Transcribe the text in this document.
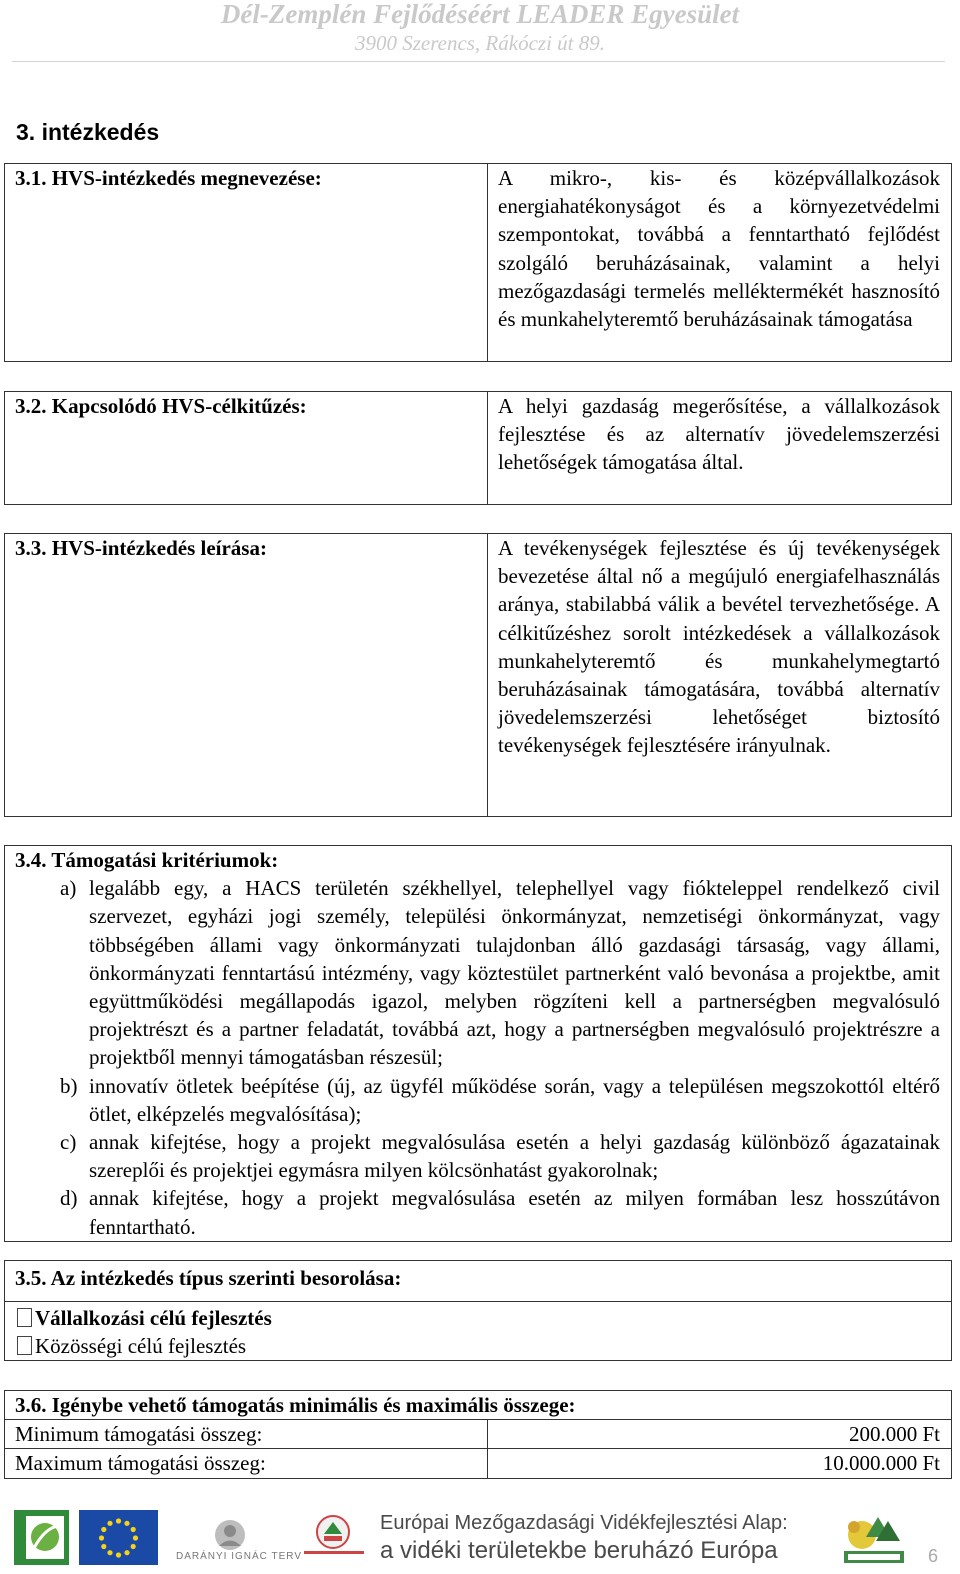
Dél-Zemplén Fejlődéséért LEADER Egyesület
3900 Szerencs, Rákóczi út 89.
3. intézkedés
3.1. HVS-intézkedés megnevezése:	A mikro-, kis- és középvállalkozások energiahatékonyságot és a környezetvédelmi szempontokat, továbbá a fenntartható fejlődést szolgáló beruházásainak, valamint a helyi mezőgazdasági termelés melléktermékét hasznosító és munkahelyteremtő beruházásainak támogatása
3.2. Kapcsolódó HVS-célkitűzés:	A helyi gazdaság megerősítése, a vállalkozások fejlesztése és az alternatív jövedelemszerzési lehetőségek támogatása által.
3.3. HVS-intézkedés leírása:	A tevékenységek fejlesztése és új tevékenységek bevezetése által nő a megújuló energiafelhasználás aránya, stabilabbá válik a bevétel tervezhetősége. A célkitűzéshez sorolt intézkedések a vállalkozások munkahelyteremtő és munkahelymegtartó beruházásainak támogatására, továbbá alternatív jövedelemszerzési lehetőséget biztosító tevékenységek fejlesztésére irányulnak.
3.4. Támogatási kritériumok:
a) legalább egy, a HACS területén székhellyel, telephellyel vagy fiókteleppel rendelkező civil szervezet, egyházi jogi személy, települési önkormányzat, nemzetiségi önkormányzat, vagy többségében állami vagy önkormányzati tulajdonban álló gazdasági társaság, vagy állami, önkormányzati fenntartású intézmény, vagy köztestület partnerként való bevonása a projektbe, amit együttműködési megállapodás igazol, melyben rögzíteni kell a partnerségben megvalósuló projektrészt és a partner feladatát, továbbá azt, hogy a partnerségben megvalósuló projektrészre a projektből mennyi támogatásban részesül;
b) innovatív ötletek beépítése (új, az ügyfél működése során, vagy a településen megszokottól eltérő ötlet, elképzelés megvalósítása);
c) annak kifejtése, hogy a projekt megvalósulása esetén a helyi gazdaság különböző ágazatainak szereplői és projektjei egymásra milyen kölcsönhatást gyakorolnak;
d) annak kifejtése, hogy a projekt megvalósulása esetén az milyen formában lesz hosszútávon fenntartható.
3.5. Az intézkedés típus szerinti besorolása:

Vállalkozási célú fejlesztés
Közösségi célú fejlesztés
3.6. Igénybe vehető támogatás minimális és maximális összege:	

Minimum támogatási összeg:	200.000 Ft
Maximum támogatási összeg:	10.000.000 Ft
DARÁNYI IGNÁC TERV
Európai Mezőgazdasági Vidékfejlesztési Alap:
a vidéki területekbe beruházó Európa	6
